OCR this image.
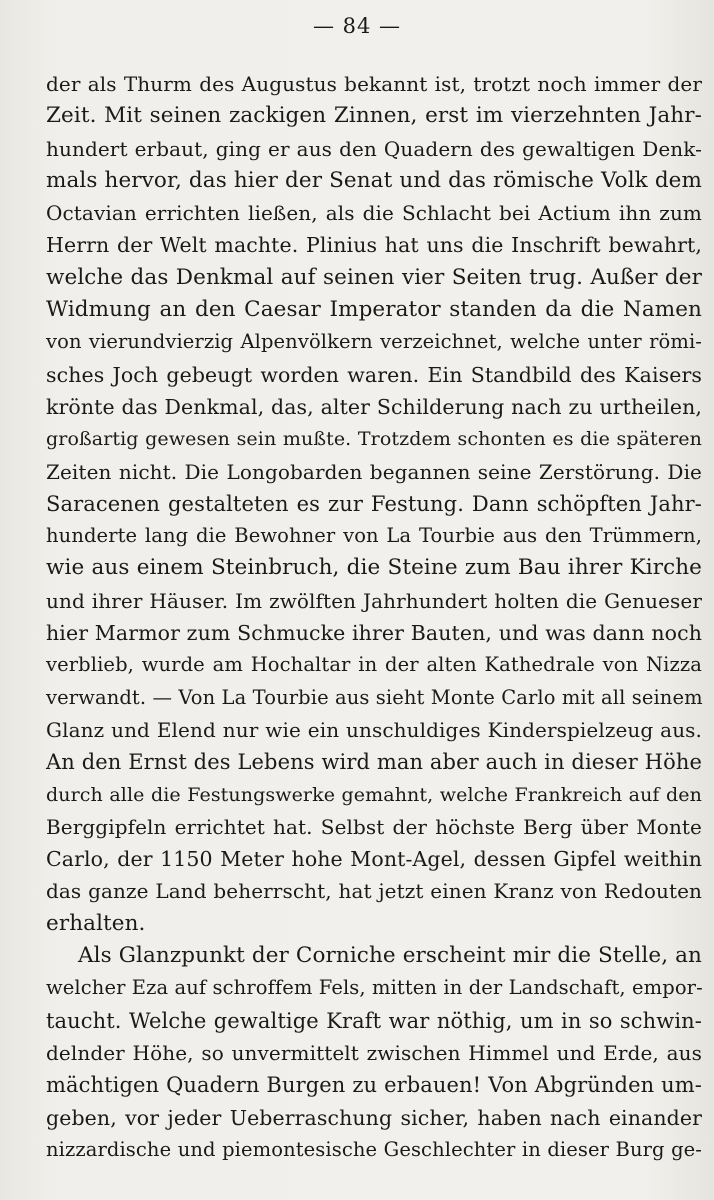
— 84 —
der als Thurm des Augustus bekannt ist, trotzt noch immer der
Zeit. Mit seinen zackigen Zinnen, erst im vierzehnten Jahr-
hundert erbaut, ging er aus den Quadern des gewaltigen Denk-
mals hervor, das hier der Senat und das römische Volk dem
Octavian errichten ließen, als die Schlacht bei Actium ihn zum
Herrn der Welt machte. Plinius hat uns die Inschrift bewahrt,
welche das Denkmal auf seinen vier Seiten trug. Außer der
Widmung an den Caesar Imperator standen da die Namen
von vierundvierzig Alpenvölkern verzeichnet, welche unter römi-
sches Joch gebeugt worden waren. Ein Standbild des Kaisers
krönte das Denkmal, das, alter Schilderung nach zu urtheilen,
großartig gewesen sein mußte. Trotzdem schonten es die späteren
Zeiten nicht. Die Longobarden begannen seine Zerstörung. Die
Saracenen gestalteten es zur Festung. Dann schöpften Jahr-
hunderte lang die Bewohner von La Tourbie aus den Trümmern,
wie aus einem Steinbruch, die Steine zum Bau ihrer Kirche
und ihrer Häuser. Im zwölften Jahrhundert holten die Genueser
hier Marmor zum Schmucke ihrer Bauten, und was dann noch
verblieb, wurde am Hochaltar in der alten Kathedrale von Nizza
verwandt. — Von La Tourbie aus sieht Monte Carlo mit all seinem
Glanz und Elend nur wie ein unschuldiges Kinderspielzeug aus.
An den Ernst des Lebens wird man aber auch in dieser Höhe
durch alle die Festungswerke gemahnt, welche Frankreich auf den
Berggipfeln errichtet hat. Selbst der höchste Berg über Monte
Carlo, der 1150 Meter hohe Mont-Agel, dessen Gipfel weithin
das ganze Land beherrscht, hat jetzt einen Kranz von Redouten
erhalten.
Als Glanzpunkt der Corniche erscheint mir die Stelle, an
welcher Eza auf schroffem Fels, mitten in der Landschaft, empor-
taucht. Welche gewaltige Kraft war nöthig, um in so schwin-
delnder Höhe, so unvermittelt zwischen Himmel und Erde, aus
mächtigen Quadern Burgen zu erbauen! Von Abgründen um-
geben, vor jeder Ueberraschung sicher, haben nach einander
nizzardische und piemontesische Geschlechter in dieser Burg ge-
